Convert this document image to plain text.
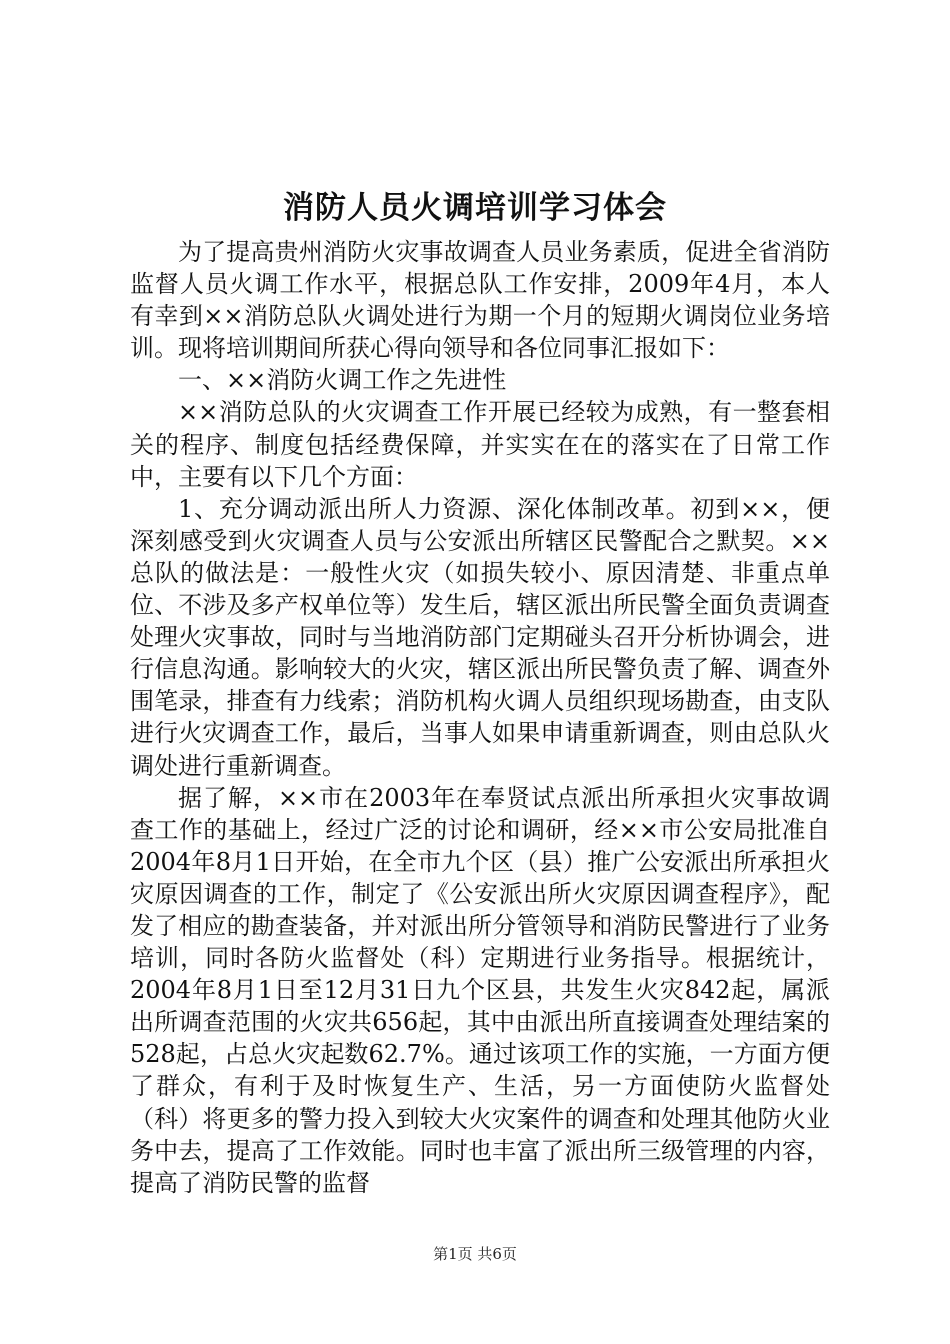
消防人员火调培训学习体会

为了提高贵州消防火灾事故调查人员业务素质，促进全省消防监督人员火调工作水平，根据总队工作安排，2009年4月，本人有幸到××消防总队火调处进行为期一个月的短期火调岗位业务培训。现将培训期间所获心得向领导和各位同事汇报如下：

一、××消防火调工作之先进性

××消防总队的火灾调查工作开展已经较为成熟，有一整套相关的程序、制度包括经费保障，并实实在在的落实在了日常工作中，主要有以下几个方面：

1、充分调动派出所人力资源、深化体制改革。初到××，便深刻感受到火灾调查人员与公安派出所辖区民警配合之默契。××总队的做法是：一般性火灾（如损失较小、原因清楚、非重点单位、不涉及多产权单位等）发生后，辖区派出所民警全面负责调查处理火灾事故，同时与当地消防部门定期碰头召开分析协调会，进行信息沟通。影响较大的火灾，辖区派出所民警负责了解、调查外围笔录，排查有力线索；消防机构火调人员组织现场勘查，由支队进行火灾调查工作，最后，当事人如果申请重新调查，则由总队火调处进行重新调查。

据了解，××市在2003年在奉贤试点派出所承担火灾事故调查工作的基础上，经过广泛的讨论和调研，经××市公安局批准自2004年8月1日开始，在全市九个区（县）推广公安派出所承担火灾原因调查的工作，制定了《公安派出所火灾原因调查程序》，配发了相应的勘查装备，并对派出所分管领导和消防民警进行了业务培训，同时各防火监督处（科）定期进行业务指导。根据统计，2004年8月1日至12月31日九个区县，共发生火灾842起，属派出所调查范围的火灾共656起，其中由派出所直接调查处理结案的528起，占总火灾起数62.7%。通过该项工作的实施，一方面方便了群众，有利于及时恢复生产、生活，另一方面使防火监督处（科）将更多的警力投入到较大火灾案件的调查和处理其他防火业务中去，提高了工作效能。同时也丰富了派出所三级管理的内容，提高了消防民警的监督

第1页 共6页
